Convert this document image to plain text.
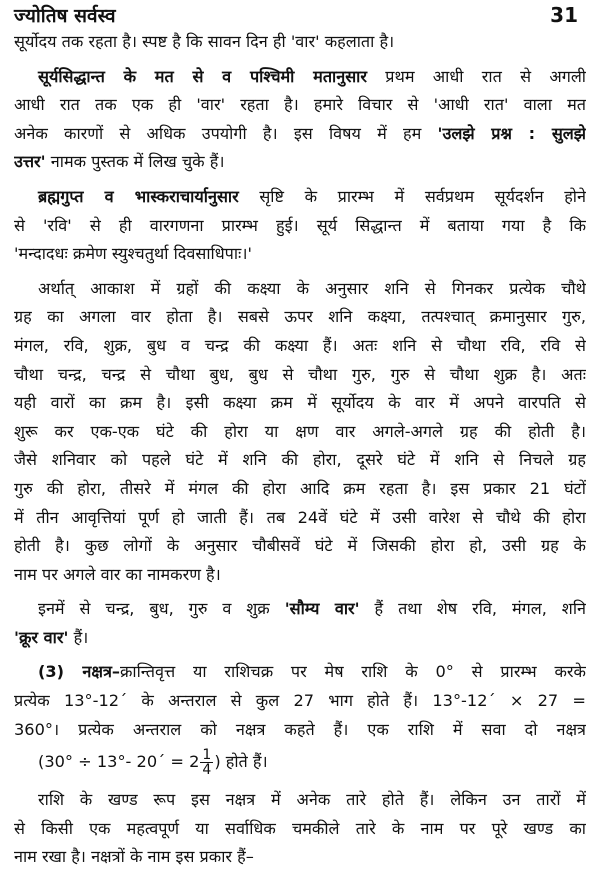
ज्योतिष सर्वस्व	31
सूर्योदय तक रहता है। स्पष्ट है कि सावन दिन ही 'वार' कहलाता है।
सूर्यसिद्धान्त के मत से व पश्चिमी मतानुसार प्रथम आधी रात से अगली
आधी रात तक एक ही 'वार' रहता है। हमारे विचार से 'आधी रात' वाला मत
अनेक कारणों से अधिक उपयोगी है। इस विषय में हम 'उलझे प्रश्न : सुलझे
उत्तर' नामक पुस्तक में लिख चुके हैं।
ब्रह्मगुप्त व भास्कराचार्यानुसार सृष्टि के प्रारम्भ में सर्वप्रथम सूर्यदर्शन होने
से 'रवि' से ही वारगणना प्रारम्भ हुई। सूर्य सिद्धान्त में बताया गया है कि
'मन्दादधः क्रमेण स्युश्चतुर्था दिवसाधिपाः।'
अर्थात् आकाश में ग्रहों की कक्ष्या के अनुसार शनि से गिनकर प्रत्येक चौथे
ग्रह का अगला वार होता है। सबसे ऊपर शनि कक्ष्या, तत्पश्चात् क्रमानुसार गुरु,
मंगल, रवि, शुक्र, बुध व चन्द्र की कक्ष्या हैं। अतः शनि से चौथा रवि, रवि से
चौथा चन्द्र, चन्द्र से चौथा बुध, बुध से चौथा गुरु, गुरु से चौथा शुक्र है। अतः
यही वारों का क्रम है। इसी कक्ष्या क्रम में सूर्योदय के वार में अपने वारपति से
शुरू कर एक-एक घंटे की होरा या क्षण वार अगले-अगले ग्रह की होती है।
जैसे शनिवार को पहले घंटे में शनि की होरा, दूसरे घंटे में शनि से निचले ग्रह
गुरु की होरा, तीसरे में मंगल की होरा आदि क्रम रहता है। इस प्रकार 21 घंटों
में तीन आवृत्तियां पूर्ण हो जाती हैं। तब 24वें घंटे में उसी वारेश से चौथे की होरा
होती है। कुछ लोगों के अनुसार चौबीसवें घंटे में जिसकी होरा हो, उसी ग्रह के
नाम पर अगले वार का नामकरण है।
इनमें से चन्द्र, बुध, गुरु व शुक्र 'सौम्य वार' हैं तथा शेष रवि, मंगल, शनि
'क्रूर वार' हैं।
(3) नक्षत्र–क्रान्तिवृत्त या राशिचक्र पर मेष राशि के 0° से प्रारम्भ करके
प्रत्येक 13°-12´ के अन्तराल से कुल 27 भाग होते हैं। 13°-12´ × 27 =
360°। प्रत्येक अन्तराल को नक्षत्र कहते हैं। एक राशि में सवा दो नक्षत्र
(30° ÷ 13°- 20´ = $2 \frac{1}{4}$ ) होते हैं।
राशि के खण्ड रूप इस नक्षत्र में अनेक तारे होते हैं। लेकिन उन तारों में
से किसी एक महत्वपूर्ण या सर्वाधिक चमकीले तारे के नाम पर पूरे खण्ड का
नाम रखा है। नक्षत्रों के नाम इस प्रकार हैं–
